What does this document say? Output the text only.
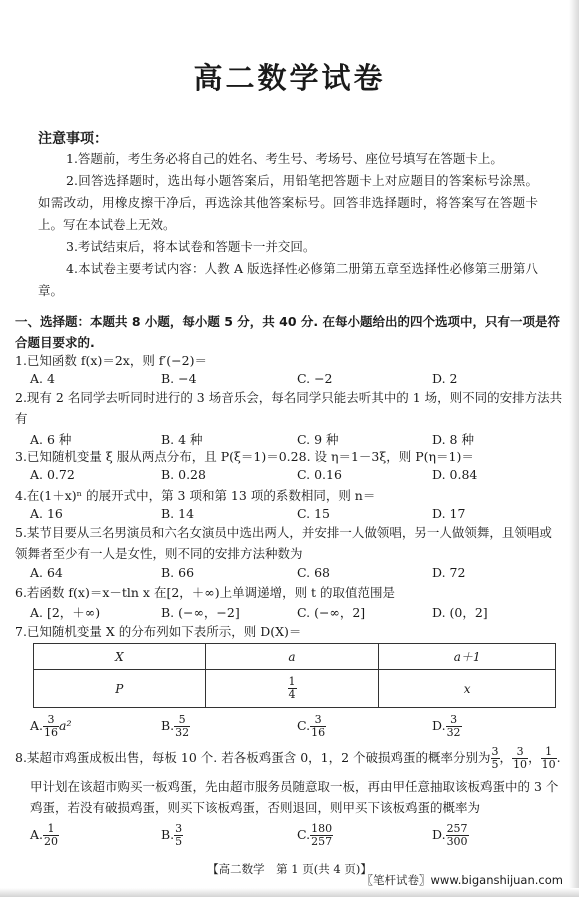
高二数学试卷
注意事项：
1.答题前，考生务必将自己的姓名、考生号、考场号、座位号填写在答题卡上。
2.回答选择题时，选出每小题答案后，用铅笔把答题卡上对应题目的答案标号涂黑。如需改动，用橡皮擦干净后，再选涂其他答案标号。回答非选择题时，将答案写在答题卡上。写在本试卷上无效。
3.考试结束后，将本试卷和答题卡一并交回。
4.本试卷主要考试内容：人教 A 版选择性必修第二册第五章至选择性必修第三册第八章。
一、选择题：本题共 8 小题，每小题 5 分，共 40 分. 在每小题给出的四个选项中，只有一项是符合题目要求的.
1.已知函数 f(x)＝2x，则 f′(−2)＝
A. 4	B. −4	C. −2	D. 2
2.现有 2 名同学去听同时进行的 3 场音乐会，每名同学只能去听其中的 1 场，则不同的安排方法共有
A. 6 种	B. 4 种	C. 9 种	D. 8 种
3.已知随机变量 ξ 服从两点分布，且 P(ξ＝1)＝0.28. 设 η＝1－3ξ，则 P(η＝1)＝
A. 0.72	B. 0.28	C. 0.16	D. 0.84
4.在(1＋x)ⁿ 的展开式中，第 3 项和第 13 项的系数相同，则 n＝
A. 16	B. 14	C. 15	D. 17
5.某节目要从三名男演员和六名女演员中选出两人，并安排一人做领唱，另一人做领舞，且领唱或领舞者至少有一人是女性，则不同的安排方法种数为
A. 64	B. 66	C. 68	D. 72
6.若函数 f(x)＝x－tln x 在[2，＋∞)上单调递增，则 t 的取值范围是
A. [2，＋∞)	B. (−∞，−2]	C. (−∞，2]	D. (0，2]
7.已知随机变量 X 的分布列如下表所示，则 D(X)＝
X	a	a＋1
P	$\frac{1}{4}$	x
A. $\frac{3}{16} a^2$	B. $\frac{5}{32}$	C. $\frac{3}{16}$	D. $\frac{3}{32}$
8.某超市鸡蛋成板出售，每板 10 个. 若各板鸡蛋含 0，1，2 个破损鸡蛋的概率分别为 $\frac{3}{5}$ ， $\frac{3}{10}$ ， $\frac{1}{10}$ .
甲计划在该超市购买一板鸡蛋，先由超市服务员随意取一板，再由甲任意抽取该板鸡蛋中的 3 个鸡蛋，若没有破损鸡蛋，则买下该板鸡蛋，否则退回，则甲买下该板鸡蛋的概率为
A. $\frac{1}{20}$	B. $\frac{3}{5}$	C. $\frac{180}{257}$	D. $\frac{257}{300}$
【高二数学　第 1 页(共 4 页)】
〖笔杆试卷〗www.biganshijuan.com
